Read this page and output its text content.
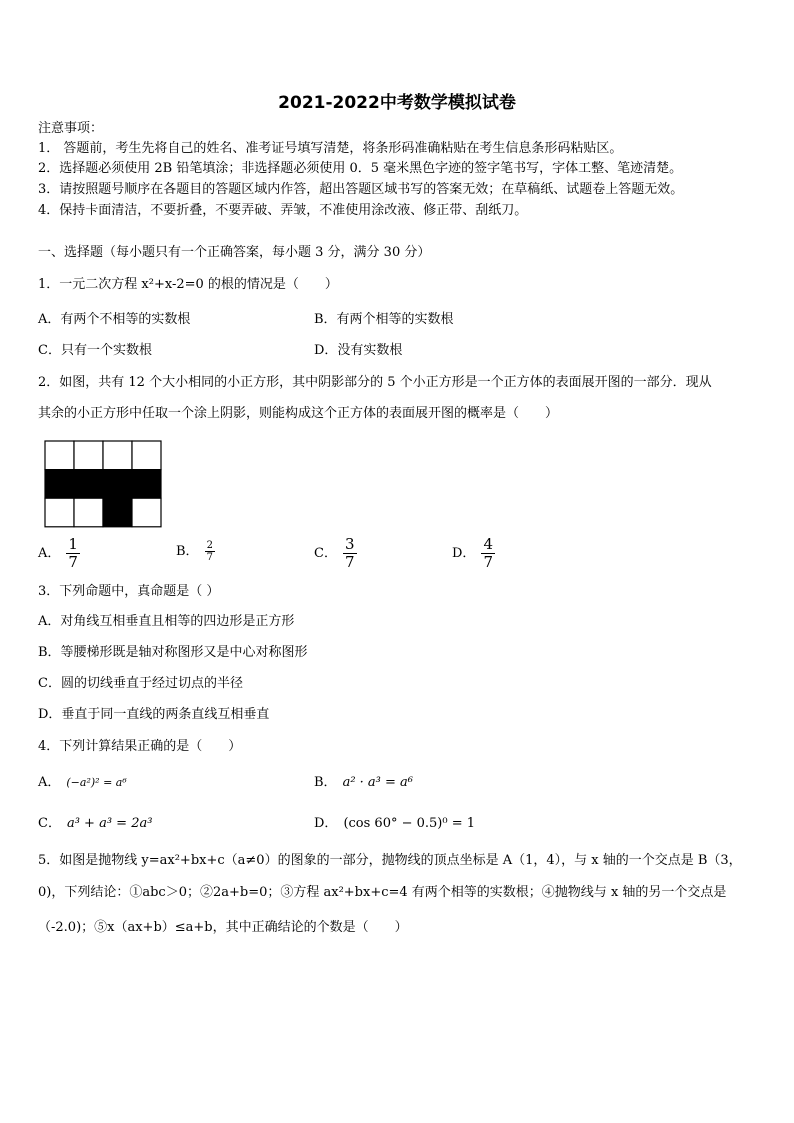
2021-2022中考数学模拟试卷
注意事项：
1． 答题前，考生先将自己的姓名、准考证号填写清楚，将条形码准确粘贴在考生信息条形码粘贴区。
2．选择题必须使用 2B 铅笔填涂；非选择题必须使用 0．5 毫米黑色字迹的签字笔书写，字体工整、笔迹清楚。
3．请按照题号顺序在各题目的答题区域内作答，超出答题区域书写的答案无效；在草稿纸、试题卷上答题无效。
4．保持卡面清洁，不要折叠，不要弄破、弄皱，不准使用涂改液、修正带、刮纸刀。
一、选择题（每小题只有一个正确答案，每小题 3 分，满分 30 分）
1．一元二次方程 x²+x-2=0 的根的情况是（　　）
A．有两个不相等的实数根	B．有两个相等的实数根
C．只有一个实数根	D．没有实数根
2．如图，共有 12 个大小相同的小正方形，其中阴影部分的 5 个小正方形是一个正方体的表面展开图的一部分．现从
其余的小正方形中任取一个涂上阴影，则能构成这个正方体的表面展开图的概率是（　　）
A． $\frac{1}{7}$	B． $\frac{2}{7}$	C． $\frac{3}{7}$	D． $\frac{4}{7}$
3．下列命题中，真命题是（ ）
A．对角线互相垂直且相等的四边形是正方形
B．等腰梯形既是轴对称图形又是中心对称图形
C．圆的切线垂直于经过切点的半径
D．垂直于同一直线的两条直线互相垂直
4．下列计算结果正确的是（　　）
A． (−a²)² = a⁶	B． a² · a³ = a⁶
C． a³ + a³ = 2a³	D． (cos 60° − 0.5)⁰ = 1
5．如图是抛物线 y=ax²+bx+c（a≠0）的图象的一部分，抛物线的顶点坐标是 A（1，4），与 x 轴的一个交点是 B（3，
0)，下列结论：①abc＞0；②2a+b=0；③方程 ax²+bx+c=4 有两个相等的实数根；④抛物线与 x 轴的另一个交点是
（-2.0)；⑤x（ax+b）≤a+b，其中正确结论的个数是（　　）
